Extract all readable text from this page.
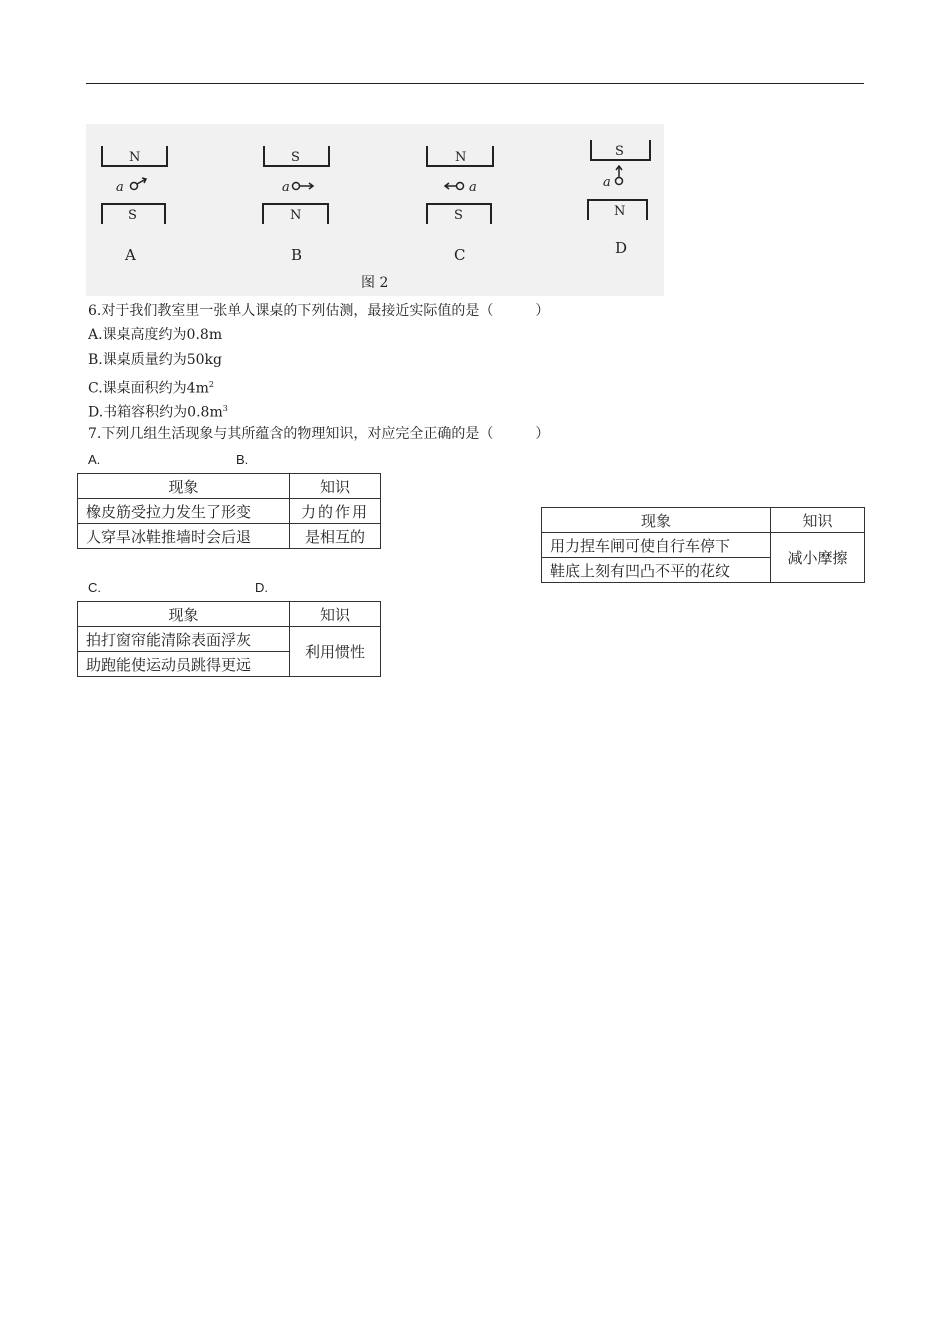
N
a
S
A
S
a
N
B
N
a
S
C
S
a
N
D
图 2
6.对于我们教室里一张单人课桌的下列估测，最接近实际值的是（　　　）
A.课桌高度约为0.8m
B.课桌质量约为50kg
C.课桌面积约为$4m^2$
D.书箱容积约为$0.8m^3$
7.下列几组生活现象与其所蕴含的物理知识，对应完全正确的是（　　　）
A.	B.
现象	知识
橡皮筋受拉力发生了形变	力的作用
人穿旱冰鞋推墙时会后退	是相互的
现象	知识
用力捏车闸可使自行车停下	减小摩擦
鞋底上刻有凹凸不平的花纹	
C.	D.
现象	知识
拍打窗帘能清除表面浮灰	利用惯性
助跑能使运动员跳得更远	
